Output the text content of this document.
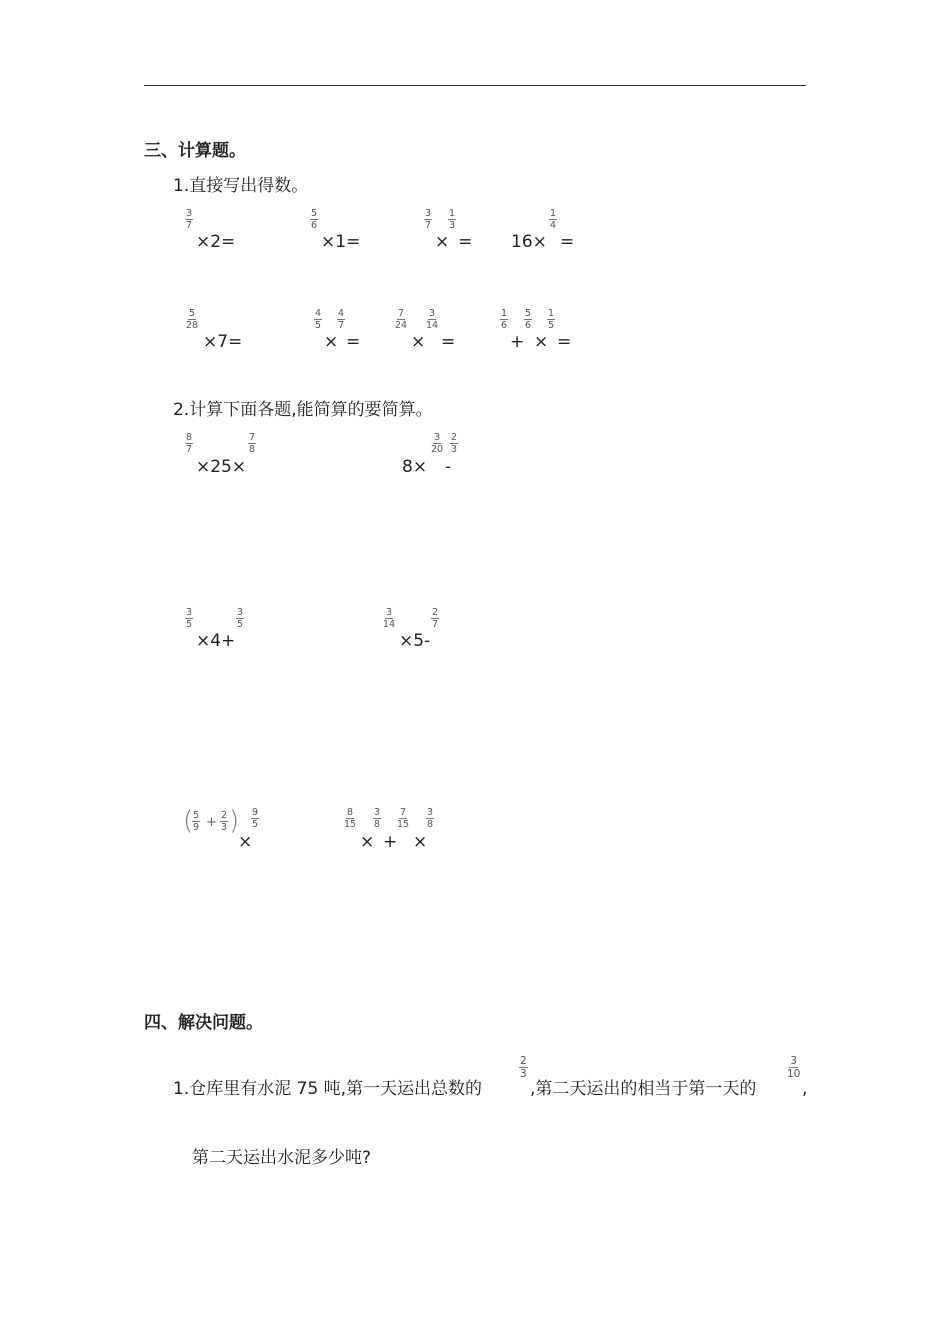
三、计算题。
1.直接写出得数。
$\frac{3}{7}$
×2=
$\frac{5}{6}$
×1=
$\frac{3}{7}$
×
$\frac{1}{3}$
= 16×
$\frac{1}{4}$
=
$\frac{5}{28}$
×7=
$\frac{4}{5}$
×
$\frac{4}{7}$
=
$\frac{7}{24}$
×
$\frac{3}{14}$
=
$\frac{1}{6}$
+
$\frac{5}{6}$
×
$\frac{1}{5}$
=
2.计算下面各题,能简算的要简算。
$\frac{8}{7}$
×25×
$\frac{7}{8}$
8×
$\frac{3}{20}$
-
$\frac{2}{3}$
$\frac{3}{5}$
×4+
$\frac{3}{5}$	$\frac{3}{14}$
×5-
$\frac{2}{7}$
(
$\frac{5}{9} + \frac{2}{3}$ )
×
$\frac{9}{5}$	$\frac{8}{15}$
×
$\frac{3}{8}$
+
$\frac{7}{15}$
×
$\frac{3}{8}$
四、解决问题。
1.仓库里有水泥 75 吨,第一天运出总数的
$\frac{2}{3}$
,第二天运出的相当于第一天的
$\frac{3}{10}$
,
第二天运出水泥多少吨?
